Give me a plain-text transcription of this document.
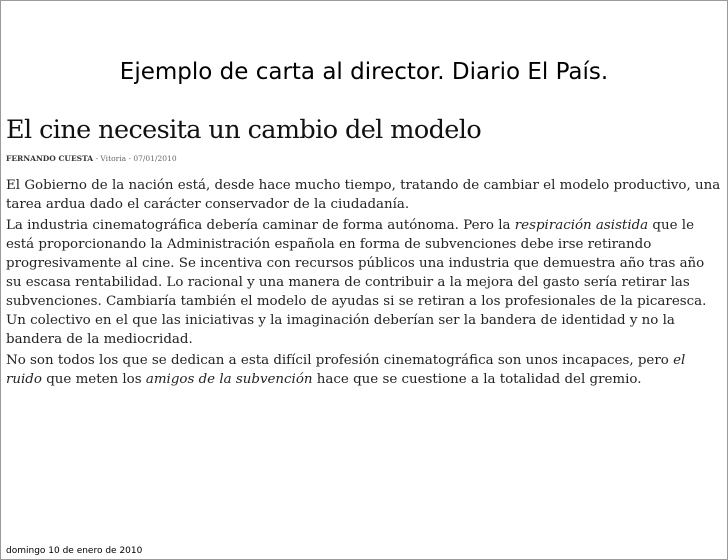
Ejemplo de carta al director. Diario El País.
El cine necesita un cambio del modelo
FERNANDO CUESTA - Vitoria - 07/01/2010

El Gobierno de la nación está, desde hace mucho tiempo, tratando de cambiar el modelo productivo, una tarea ardua dado el carácter conservador de la ciudadanía.

La industria cinematográfica debería caminar de forma autónoma. Pero la respiración asistida que le está proporcionando la Administración española en forma de subvenciones debe irse retirando progresivamente al cine. Se incentiva con recursos públicos una industria que demuestra año tras año su escasa rentabilidad. Lo racional y una manera de contribuir a la mejora del gasto sería retirar las subvenciones. Cambiaría también el modelo de ayudas si se retiran a los profesionales de la picaresca. Un colectivo en el que las iniciativas y la imaginación deberían ser la bandera de identidad y no la bandera de la mediocridad.

No son todos los que se dedican a esta difícil profesión cinematográfica son unos incapaces, pero el ruido que meten los amigos de la subvención hace que se cuestione a la totalidad del gremio.

domingo 10 de enero de 2010
